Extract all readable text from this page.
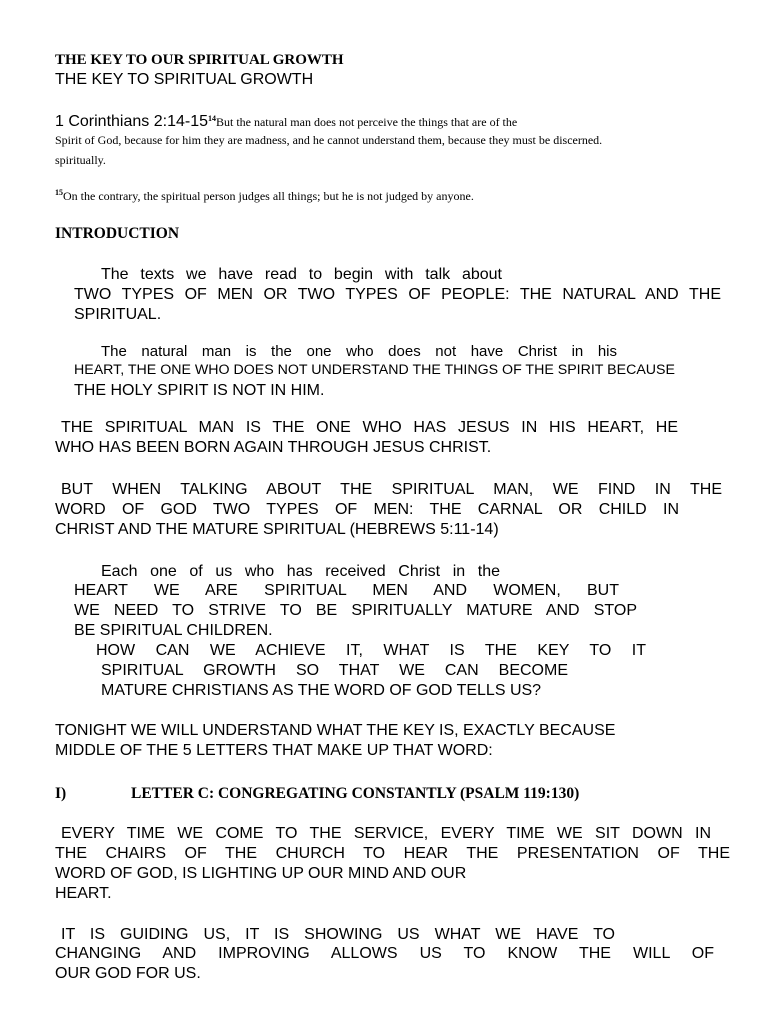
THE KEY TO OUR SPIRITUAL GROWTH
THE KEY TO SPIRITUAL GROWTH
1 Corinthians $2:14-15^{14}But$ the natural man does not perceive the things that are of the
Spirit of God, because for him they are madness, and he cannot understand them, because they must be discerned.
spiritually.
$^{15}$On the contrary, the spiritual person judges all things; but he is not judged by anyone.
INTRODUCTION
The texts we have read to begin with talk about
TWO TYPES OF MEN OR TWO TYPES OF PEOPLE: THE NATURAL AND THE
SPIRITUAL.
The natural man is the one who does not have Christ in his
HEART, THE ONE WHO DOES NOT UNDERSTAND THE THINGS OF THE SPIRIT BECAUSE
THE HOLY SPIRIT IS NOT IN HIM.
THE SPIRITUAL MAN IS THE ONE WHO HAS JESUS IN HIS HEART, HE
WHO HAS BEEN BORN AGAIN THROUGH JESUS CHRIST.
BUT WHEN TALKING ABOUT THE SPIRITUAL MAN, WE FIND IN THE
WORD OF GOD TWO TYPES OF MEN: THE CARNAL OR CHILD IN
CHRIST AND THE MATURE SPIRITUAL (HEBREWS 5:11-14)
Each one of us who has received Christ in the
HEART WE ARE SPIRITUAL MEN AND WOMEN, BUT
WE NEED TO STRIVE TO BE SPIRITUALLY MATURE AND STOP
BE SPIRITUAL CHILDREN.
HOW CAN WE ACHIEVE IT, WHAT IS THE KEY TO IT
SPIRITUAL GROWTH SO THAT WE CAN BECOME
MATURE CHRISTIANS AS THE WORD OF GOD TELLS US?
TONIGHT WE WILL UNDERSTAND WHAT THE KEY IS, EXACTLY BECAUSE
MIDDLE OF THE 5 LETTERS THAT MAKE UP THAT WORD:
I)	LETTER C: CONGREGATING CONSTANTLY (PSALM 119:130)
EVERY TIME WE COME TO THE SERVICE, EVERY TIME WE SIT DOWN IN
THE CHAIRS OF THE CHURCH TO HEAR THE PRESENTATION OF THE
WORD OF GOD, IS LIGHTING UP OUR MIND AND OUR
HEART.
IT IS GUIDING US, IT IS SHOWING US WHAT WE HAVE TO
CHANGING AND IMPROVING ALLOWS US TO KNOW THE WILL OF
OUR GOD FOR US.
